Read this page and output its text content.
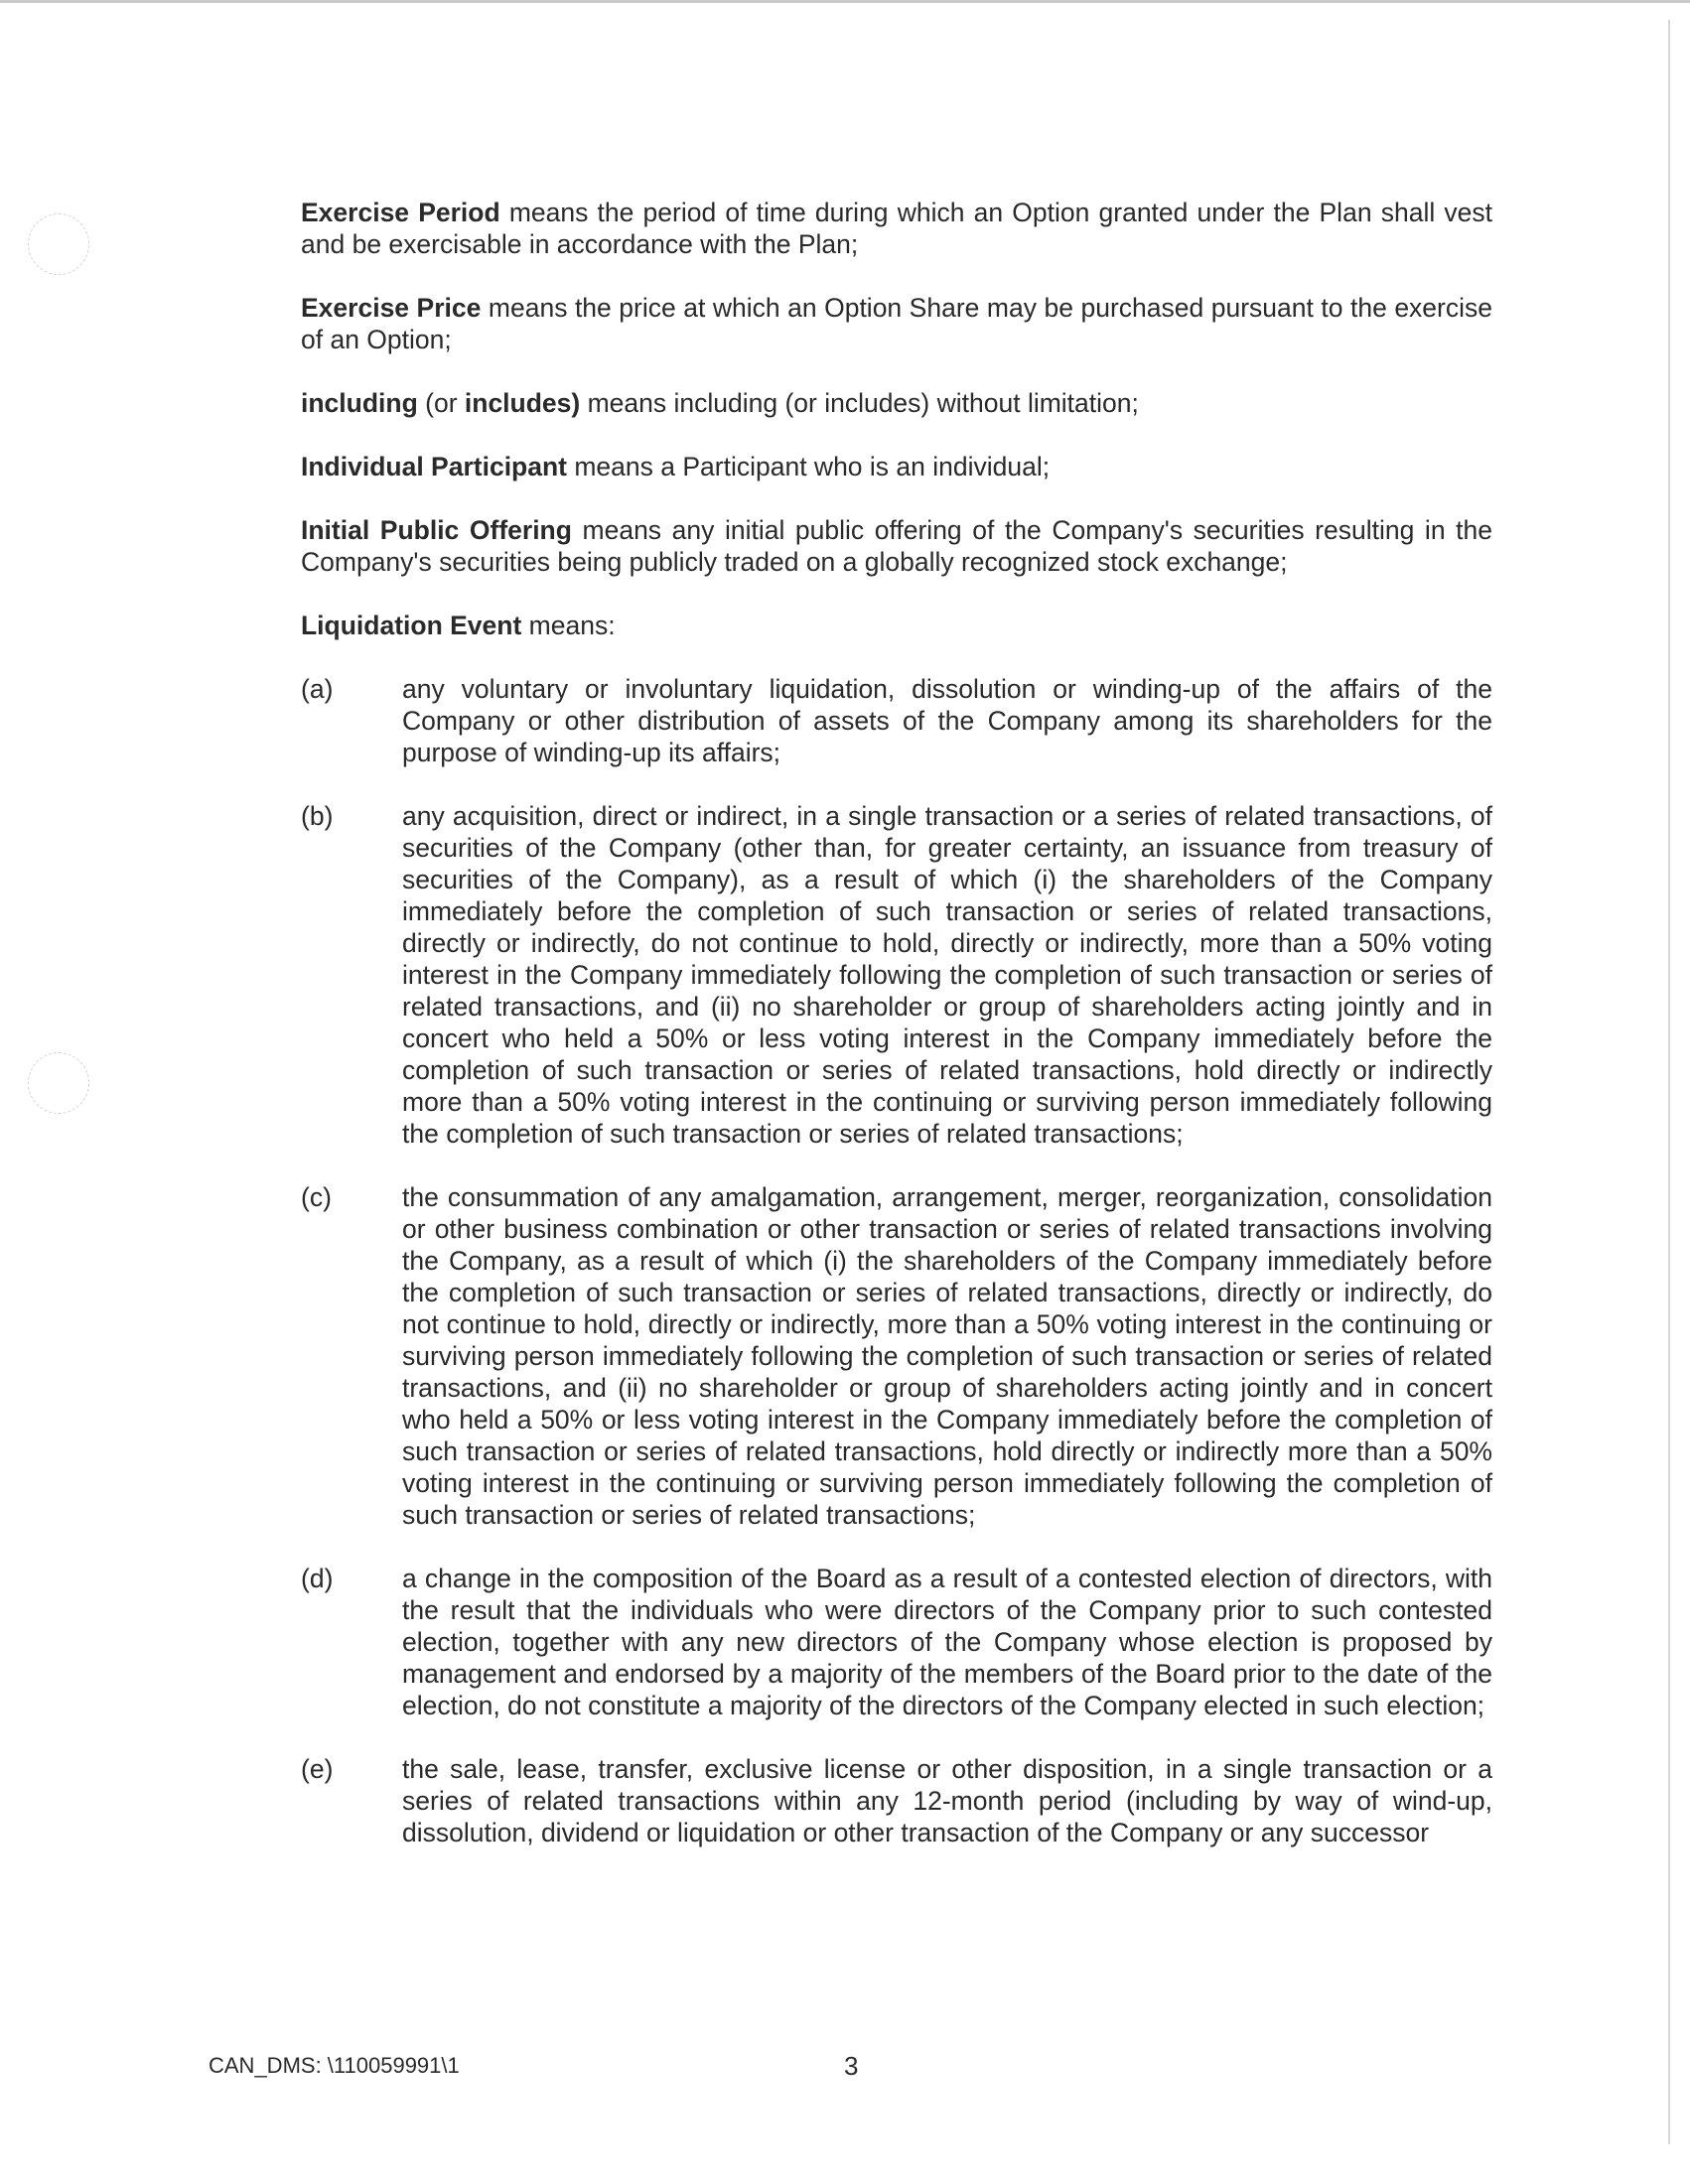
Exercise Period means the period of time during which an Option granted under the Plan shall vest and be exercisable in accordance with the Plan;

Exercise Price means the price at which an Option Share may be purchased pursuant to the exercise of an Option;

including (or includes) means including (or includes) without limitation;

Individual Participant means a Participant who is an individual;

Initial Public Offering means any initial public offering of the Company's securities resulting in the Company's securities being publicly traded on a globally recognized stock exchange;

Liquidation Event means:

(a)	any voluntary or involuntary liquidation, dissolution or winding-up of the affairs of the Company or other distribution of assets of the Company among its shareholders for the purpose of winding-up its affairs;
(b)	any acquisition, direct or indirect, in a single transaction or a series of related transactions, of securities of the Company (other than, for greater certainty, an issuance from treasury of securities of the Company), as a result of which (i) the shareholders of the Company immediately before the completion of such transaction or series of related transactions, directly or indirectly, do not continue to hold, directly or indirectly, more than a 50% voting interest in the Company immediately following the completion of such transaction or series of related transactions, and (ii) no shareholder or group of shareholders acting jointly and in concert who held a 50% or less voting interest in the Company immediately before the completion of such transaction or series of related transactions, hold directly or indirectly more than a 50% voting interest in the continuing or surviving person immediately following the completion of such transaction or series of related transactions;
(c)	the consummation of any amalgamation, arrangement, merger, reorganization, consolidation or other business combination or other transaction or series of related transactions involving the Company, as a result of which (i) the shareholders of the Company immediately before the completion of such transaction or series of related transactions, directly or indirectly, do not continue to hold, directly or indirectly, more than a 50% voting interest in the continuing or surviving person immediately following the completion of such transaction or series of related transactions, and (ii) no shareholder or group of shareholders acting jointly and in concert who held a 50% or less voting interest in the Company immediately before the completion of such transaction or series of related transactions, hold directly or indirectly more than a 50% voting interest in the continuing or surviving person immediately following the completion of such transaction or series of related transactions;
(d)	a change in the composition of the Board as a result of a contested election of directors, with the result that the individuals who were directors of the Company prior to such contested election, together with any new directors of the Company whose election is proposed by management and endorsed by a majority of the members of the Board prior to the date of the election, do not constitute a majority of the directors of the Company elected in such election;
(e)	the sale, lease, transfer, exclusive license or other disposition, in a single transaction or a series of related transactions within any 12-month period (including by way of wind-up, dissolution, dividend or liquidation or other transaction of the Company or any successor
CAN_DMS: \110059991\1	3
